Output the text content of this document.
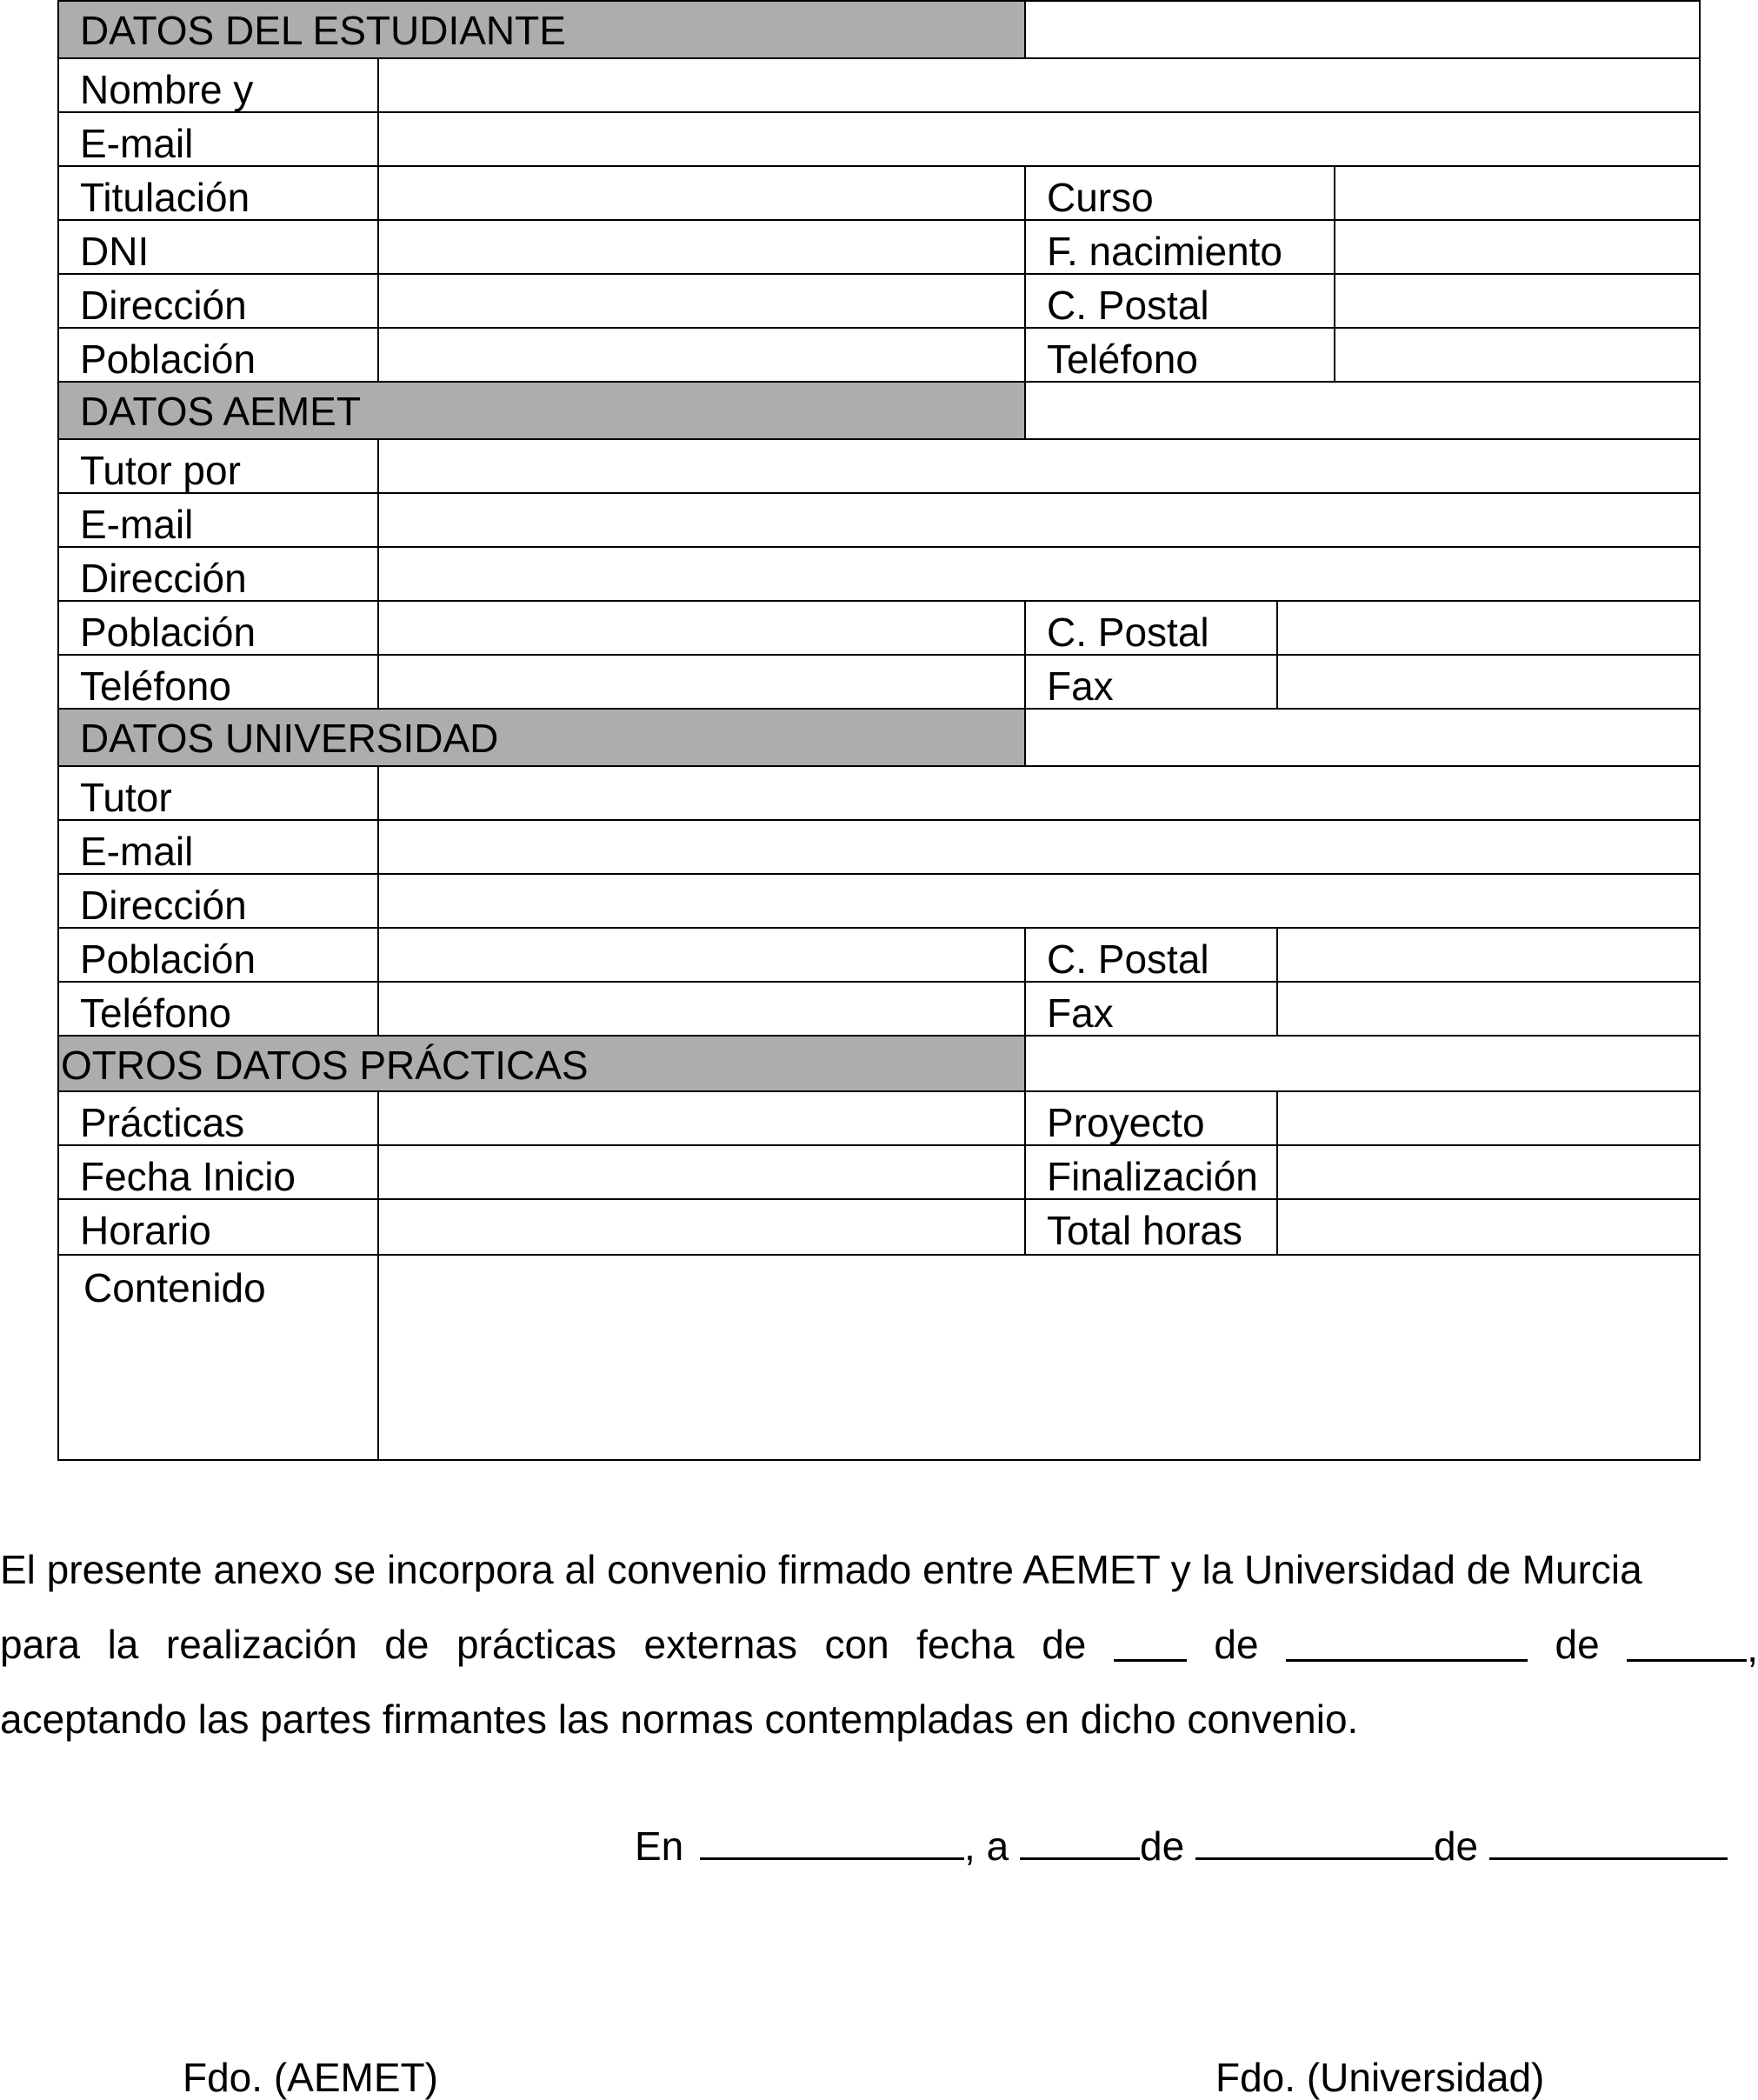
DATOS DEL ESTUDIANTE
Nombre y
E-mail
Titulación	Curso
DNI	F. nacimiento
Dirección	C. Postal
Población	Teléfono
DATOS AEMET
Tutor por
E-mail
Dirección
Población	C. Postal
Teléfono	Fax
DATOS UNIVERSIDAD
Tutor
E-mail
Dirección
Población	C. Postal
Teléfono	Fax
OTROS DATOS PRÁCTICAS
Prácticas	Proyecto
Fecha Inicio	Finalización
Horario	Total horas
Contenido
El presente anexo se incorpora al convenio firmado entre AEMET y la Universidad de Murcia
para la realización de prácticas externas con fecha de	de	de	,
aceptando las partes firmantes las normas contempladas en dicho convenio.
En	, a	de	de
Fdo. (AEMET)	Fdo. (Universidad)
